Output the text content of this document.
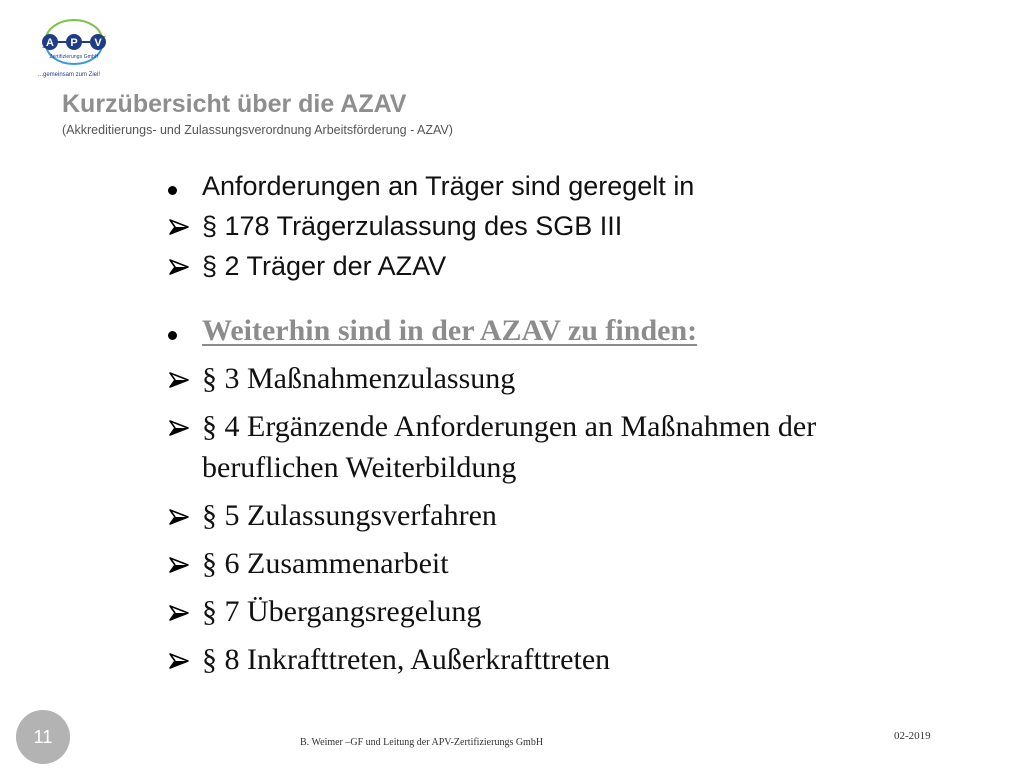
A P V
Zertifizierungs GmbH
...gemeinsam zum Ziel!
Kurzübersicht über die AZAV

(Akkreditierungs- und Zulassungsverordnung Arbeitsförderung - AZAV)

Anforderungen an Träger sind geregelt in
§ 178 Trägerzulassung des SGB III
§ 2 Träger der AZAV
Weiterhin sind in der AZAV zu finden:
§ 3 Maßnahmenzulassung
§ 4 Ergänzende Anforderungen an Maßnahmen der beruflichen Weiterbildung
§ 5 Zulassungsverfahren
§ 6 Zusammenarbeit
§ 7 Übergangsregelung
§ 8 Inkrafttreten, Außerkrafttreten
11	B. Weimer –GF und Leitung der APV-Zertifizierungs GmbH
02-2019
